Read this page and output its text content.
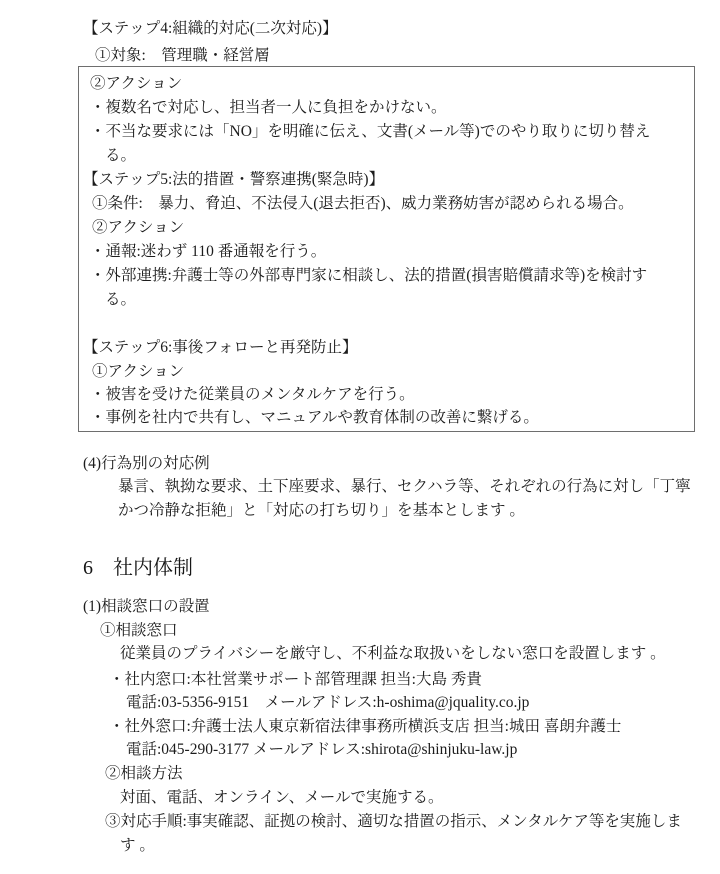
【ステップ4:組織的対応(二次対応)】
①対象:　管理職・経営層
②アクション
・複数名で対応し、担当者一人に負担をかけない。
・不当な要求には「NO」を明確に伝え、文書(メール等)でのやり取りに切り替え
る。
【ステップ5:法的措置・警察連携(緊急時)】
①条件:　暴力、脅迫、不法侵入(退去拒否)、威力業務妨害が認められる場合。
②アクション
・通報:迷わず 110 番通報を行う。
・外部連携:弁護士等の外部専門家に相談し、法的措置(損害賠償請求等)を検討す
る。
【ステップ6:事後フォローと再発防止】
①アクション
・被害を受けた従業員のメンタルケアを行う。
・事例を社内で共有し、マニュアルや教育体制の改善に繋げる。
(4)行為別の対応例
暴言、執拗な要求、土下座要求、暴行、セクハラ等、それぞれの行為に対し「丁寧
かつ冷静な拒絶」と「対応の打ち切り」を基本とします 。
6　社内体制
(1)相談窓口の設置
①相談窓口
従業員のプライバシーを厳守し、不利益な取扱いをしない窓口を設置します 。
・社内窓口:本社営業サポート部管理課 担当:大島 秀貴
電話:03-5356-9151　メールアドレス:h-oshima@jquality.co.jp
・社外窓口:弁護士法人東京新宿法律事務所横浜支店 担当:城田 喜朗弁護士
電話:045-290-3177 メールアドレス:shirota@shinjuku-law.jp
②相談方法
対面、電話、オンライン、メールで実施する。
③対応手順:事実確認、証拠の検討、適切な措置の指示、メンタルケア等を実施しま
す 。
